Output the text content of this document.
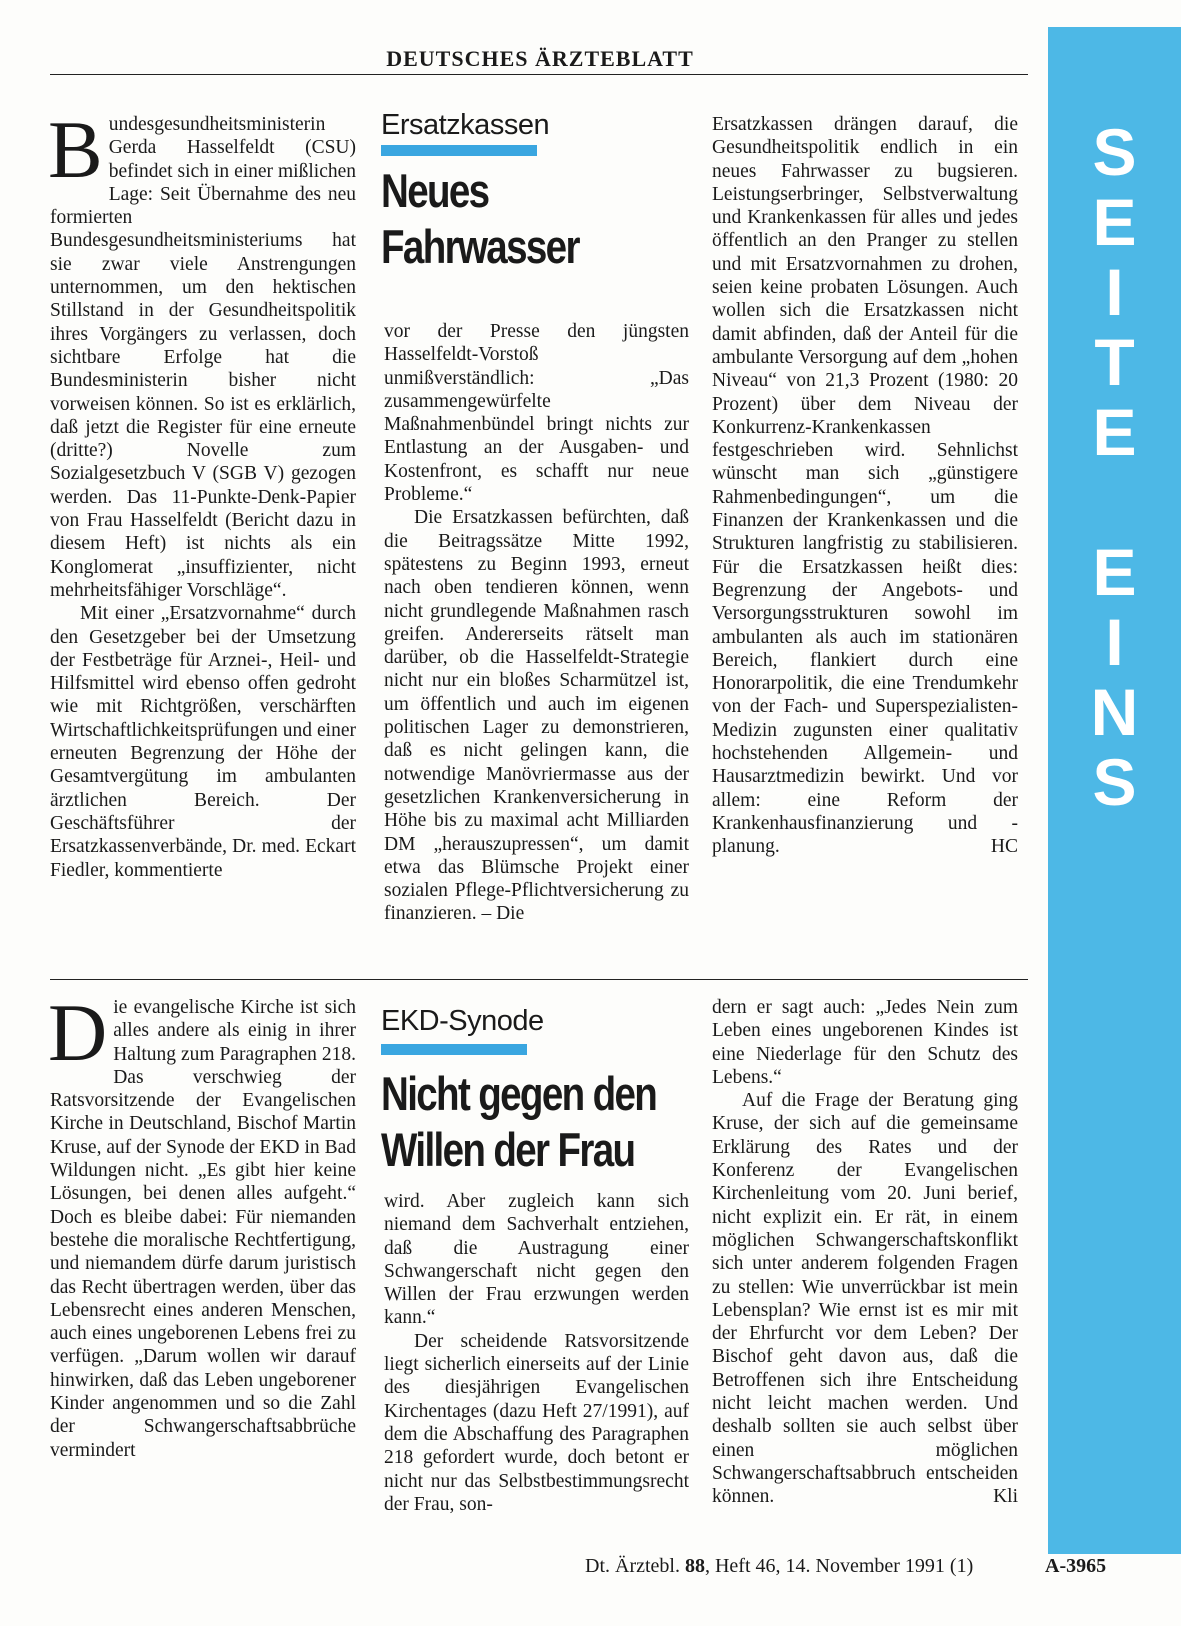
DEUTSCHES ÄRZTEBLATT
S
E
I
T
E
E
I
N
S

Bundesgesundheitsministerin Gerda Hasselfeldt (CSU) befindet sich in einer mißlichen Lage: Seit Übernahme des neu formierten Bundesgesundheitsministeriums hat sie zwar viele Anstrengungen unternommen, um den hektischen Stillstand in der Gesundheitspolitik ihres Vorgängers zu verlassen, doch sichtbare Erfolge hat die Bundesministerin bisher nicht vorweisen können. So ist es erklärlich, daß jetzt die Register für eine erneute (dritte?) Novelle zum Sozialgesetzbuch V (SGB V) gezogen werden. Das 11-Punkte-Denk-Papier von Frau Hasselfeldt (Bericht dazu in diesem Heft) ist nichts als ein Konglomerat „insuffizienter, nicht mehrheitsfähiger Vorschläge“.

Mit einer „Ersatzvornahme“ durch den Gesetzgeber bei der Umsetzung der Festbeträge für Arznei-, Heil- und Hilfsmittel wird ebenso offen gedroht wie mit Richtgrößen, verschärften Wirtschaftlichkeitsprüfungen und einer erneuten Begrenzung der Höhe der Gesamtvergütung im ambulanten ärztlichen Bereich. Der Geschäftsführer der Ersatzkassenverbände, Dr. med. Eckart Fiedler, kommentierte

Ersatzkassen
Neues
Fahrwasser

vor der Presse den jüngsten Hasselfeldt-Vorstoß unmißverständlich: „Das zusammengewürfelte Maßnahmenbündel bringt nichts zur Entlastung an der Ausgaben- und Kostenfront, es schafft nur neue Probleme.“

Die Ersatzkassen befürchten, daß die Beitragssätze Mitte 1992, spätestens zu Beginn 1993, erneut nach oben tendieren können, wenn nicht grundlegende Maßnahmen rasch greifen. Andererseits rätselt man darüber, ob die Hasselfeldt-Strategie nicht nur ein bloßes Scharmützel ist, um öffentlich und auch im eigenen politischen Lager zu demonstrieren, daß es nicht gelingen kann, die notwendige Manövriermasse aus der gesetzlichen Krankenversicherung in Höhe bis zu maximal acht Milliarden DM „herauszupressen“, um damit etwa das Blümsche Projekt einer sozialen Pflege-Pflichtversicherung zu finanzieren. – Die

Ersatzkassen drängen darauf, die Gesundheitspolitik endlich in ein neues Fahrwasser zu bugsieren. Leistungserbringer, Selbstverwaltung und Krankenkassen für alles und jedes öffentlich an den Pranger zu stellen und mit Ersatzvornahmen zu drohen, seien keine probaten Lösungen. Auch wollen sich die Ersatzkassen nicht damit abfinden, daß der Anteil für die ambulante Versorgung auf dem „hohen Niveau“ von 21,3 Prozent (1980: 20 Prozent) über dem Niveau der Konkurrenz-Krankenkassen festgeschrieben wird. Sehnlichst wünscht man sich „günstigere Rahmenbedingungen“, um die Finanzen der Krankenkassen und die Strukturen langfristig zu stabilisieren. Für die Ersatzkassen heißt dies: Begrenzung der Angebots- und Versorgungsstrukturen sowohl im ambulanten als auch im stationären Bereich, flankiert durch eine Honorarpolitik, die eine Trendumkehr von der Fach- und Superspezialisten-Medizin zugunsten einer qualitativ hochstehenden Allgemein- und Hausarztmedizin bewirkt. Und vor allem: eine Reform der Krankenhausfinanzierung und -planung.	HC

Die evangelische Kirche ist sich alles andere als einig in ihrer Haltung zum Paragraphen 218. Das verschwieg der Ratsvorsitzende der Evangelischen Kirche in Deutschland, Bischof Martin Kruse, auf der Synode der EKD in Bad Wildungen nicht. „Es gibt hier keine Lösungen, bei denen alles aufgeht.“ Doch es bleibe dabei: Für niemanden bestehe die moralische Rechtfertigung, und niemandem dürfe darum juristisch das Recht übertragen werden, über das Lebensrecht eines anderen Menschen, auch eines ungeborenen Lebens frei zu verfügen. „Darum wollen wir darauf hinwirken, daß das Leben ungeborener Kinder angenommen und so die Zahl der Schwangerschaftsabbrüche vermindert

EKD-Synode
Nicht gegen den
Willen der Frau

wird. Aber zugleich kann sich niemand dem Sachverhalt entziehen, daß die Austragung einer Schwangerschaft nicht gegen den Willen der Frau erzwungen werden kann.“

Der scheidende Ratsvorsitzende liegt sicherlich einerseits auf der Linie des diesjährigen Evangelischen Kirchentages (dazu Heft 27/1991), auf dem die Abschaffung des Paragraphen 218 gefordert wurde, doch betont er nicht nur das Selbstbestimmungsrecht der Frau, son-

dern er sagt auch: „Jedes Nein zum Leben eines ungeborenen Kindes ist eine Niederlage für den Schutz des Lebens.“

Auf die Frage der Beratung ging Kruse, der sich auf die gemeinsame Erklärung des Rates und der Konferenz der Evangelischen Kirchenleitung vom 20. Juni berief, nicht explizit ein. Er rät, in einem möglichen Schwangerschaftskonflikt sich unter anderem folgenden Fragen zu stellen: Wie unverrückbar ist mein Lebensplan? Wie ernst ist es mir mit der Ehrfurcht vor dem Leben? Der Bischof geht davon aus, daß die Betroffenen sich ihre Entscheidung nicht leicht machen werden. Und deshalb sollten sie auch selbst über einen möglichen Schwangerschaftsabbruch entscheiden können.	Kli

Dt. Ärztebl. 88, Heft 46, 14. November 1991 (1)	A-3965
